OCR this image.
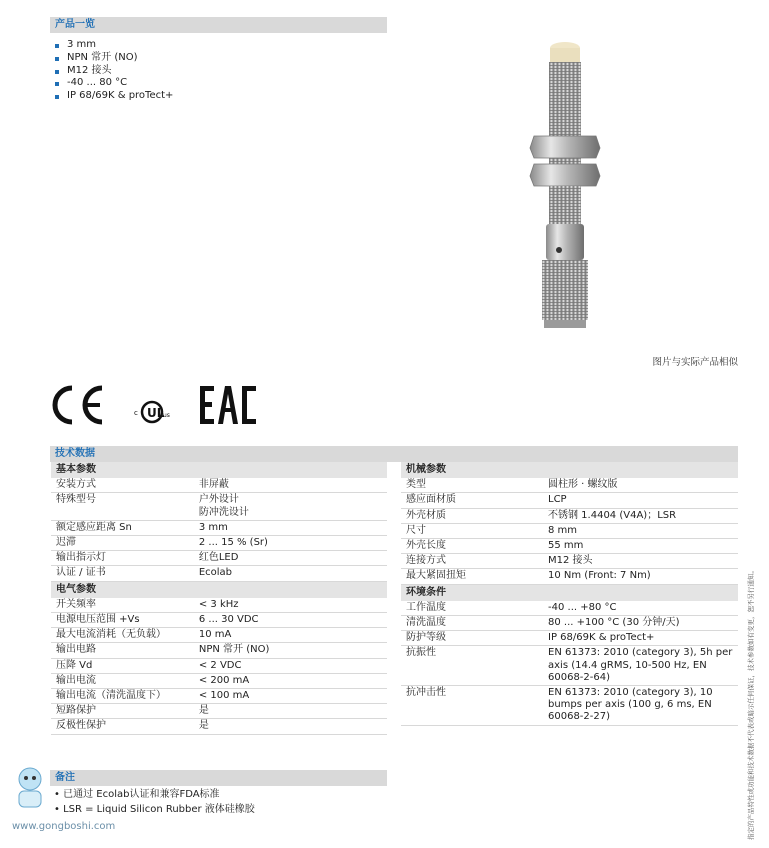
产品一览
3 mm
NPN 常开 (NO)
M12 接头
-40 ... 80 °C
IP 68/69K & proTect+
图片与实际产品相似
UL
c	us
技术数据
基本参数	
安装方式	非屏蔽

特殊型号	户外设计
防冲洗设计

额定感应距离 Sn	3 mm

迟滞	2 ... 15 % (Sr)

输出指示灯	红色LED

认证 / 证书	Ecolab

电气参数	
开关频率	< 3 kHz

电源电压范围 +Vs	6 ... 30 VDC

最大电流消耗（无负载）	10 mA

输出电路	NPN 常开 (NO)

压降 Vd	< 2 VDC

输出电流	< 200 mA

输出电流（清洗温度下）	< 100 mA

短路保护	是

反极性保护	是
机械参数	
类型	圆柱形 · 螺纹版

感应面材质	LCP

外壳材质	不锈钢 1.4404 (V4A)；LSR

尺寸	8 mm

外壳长度	55 mm

连接方式	M12 接头

最大紧固扭矩	10 Nm (Front: 7 Nm)

环境条件	
工作温度	-40 ... +80 °C

清洗温度	80 ... +100 °C (30 分钟/天)

防护等级	IP 68/69K & proTect+

抗振性	EN 61373: 2010 (category 3), 5h per axis (14.4 gRMS, 10-500 Hz, EN 60068-2-64)

抗冲击性	EN 61373: 2010 (category 3), 10 bumps per axis (100 g, 6 ms, EN 60068-2-27)
备注
• 已通过 Ecolab认证和兼容FDA标准
• LSR = Liquid Silicon Rubber 液体硅橡胶
www.gongboshi.com	指定的产品特性或功能和技术数据不代表或暗示任何保证，技术参数如有变更，恕不另行通知。
